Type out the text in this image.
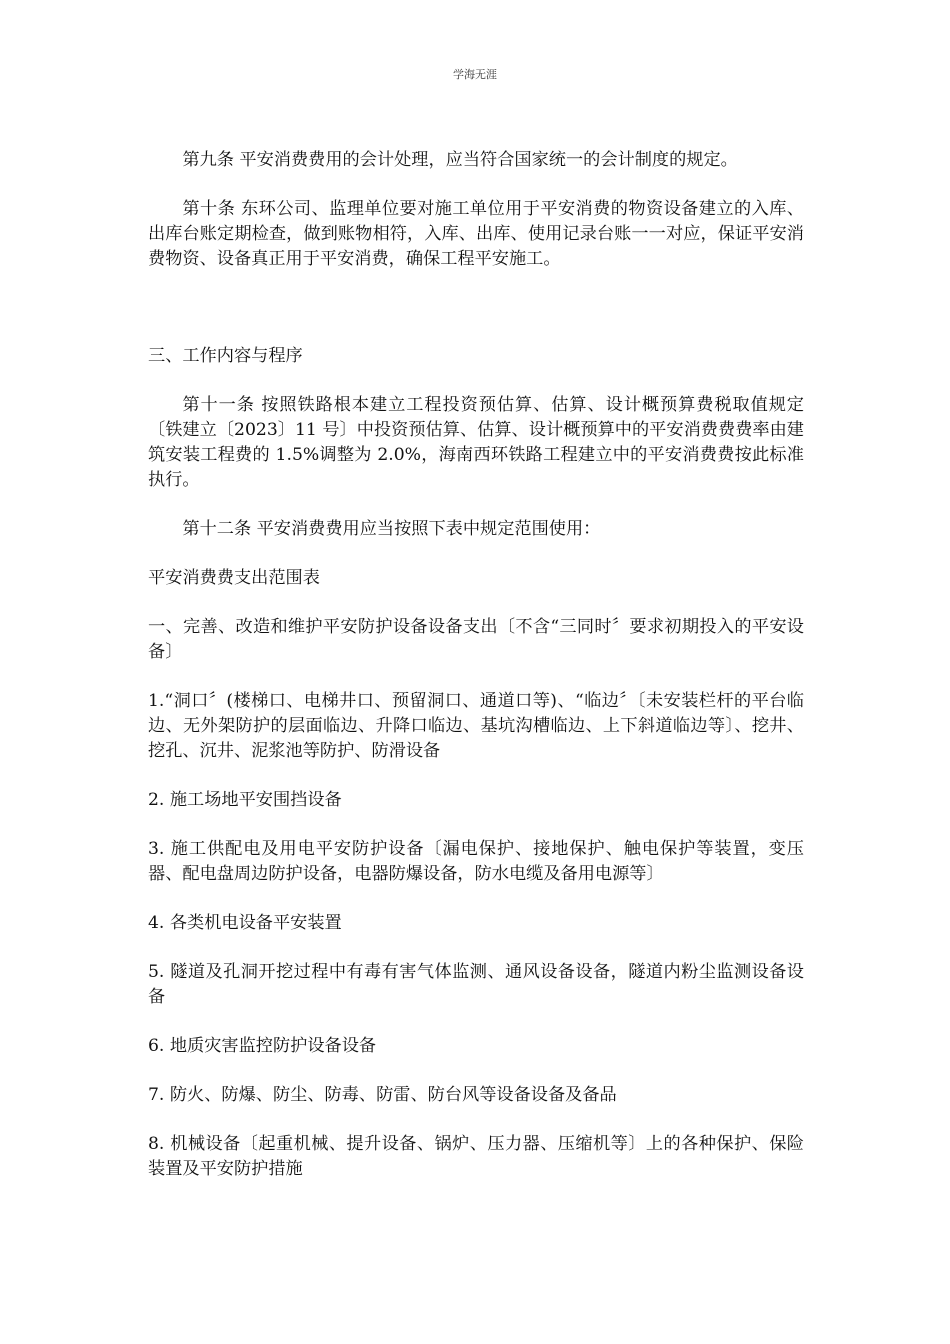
学海无涯

第九条 平安消费费用的会计处理，应当符合国家统一的会计制度的规定。

第十条 东环公司、监理单位要对施工单位用于平安消费的物资设备建立的入库、出库台账定期检查，做到账物相符，入库、出库、使用记录台账一一对应，保证平安消费物资、设备真正用于平安消费，确保工程平安施工。

三、工作内容与程序

第十一条 按照铁路根本建立工程投资预估算、估算、设计概预算费税取值规定〔铁建立〔2023〕11 号〕中投资预估算、估算、设计概预算中的平安消费费费率由建筑安装工程费的 1.5%调整为 2.0%，海南西环铁路工程建立中的平安消费费按此标准执行。

第十二条 平安消费费用应当按照下表中规定范围使用：

平安消费费支出范围表

一、完善、改造和维护平安防护设备设备支出〔不含“三同时〞要求初期投入的平安设备〕

1.“洞口〞(楼梯口、电梯井口、预留洞口、通道口等)、“临边〞〔未安装栏杆的平台临边、无外架防护的层面临边、升降口临边、基坑沟槽临边、上下斜道临边等〕、挖井、挖孔、沉井、泥浆池等防护、防滑设备

2. 施工场地平安围挡设备

3. 施工供配电及用电平安防护设备〔漏电保护、接地保护、触电保护等装置，变压器、配电盘周边防护设备，电器防爆设备，防水电缆及备用电源等〕

4. 各类机电设备平安装置

5. 隧道及孔洞开挖过程中有毒有害气体监测、通风设备设备，隧道内粉尘监测设备设备

6. 地质灾害监控防护设备设备

7. 防火、防爆、防尘、防毒、防雷、防台风等设备设备及备品

8. 机械设备〔起重机械、提升设备、锅炉、压力器、压缩机等〕上的各种保护、保险装置及平安防护措施
